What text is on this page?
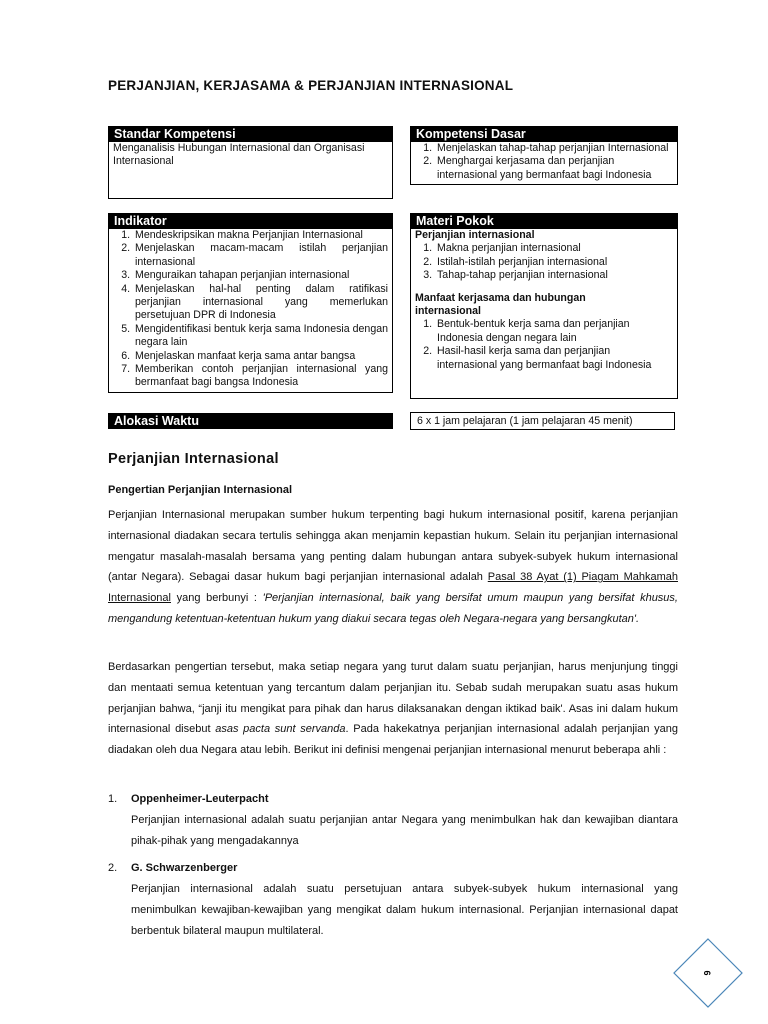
PERJANJIAN, KERJASAMA & PERJANJIAN INTERNASIONAL
Standar Kompetensi
Menganalisis Hubungan Internasional dan Organisasi Internasional
Kompetensi Dasar
1. Menjelaskan tahap-tahap perjanjian Internasional
2. Menghargai kerjasama dan perjanjian internasional yang bermanfaat bagi Indonesia
Indikator
1. Mendeskripsikan makna Perjanjian Internasional
2. Menjelaskan macam-macam istilah perjanjian internasional
3. Menguraikan tahapan perjanjian internasional
4. Menjelaskan hal-hal penting dalam ratifikasi perjanjian internasional yang memerlukan persetujuan DPR di Indonesia
5. Mengidentifikasi bentuk kerja sama Indonesia dengan negara lain
6. Menjelaskan manfaat kerja sama antar bangsa
7. Memberikan contoh perjanjian internasional yang bermanfaat bagi bangsa Indonesia
Materi Pokok
Perjanjian internasional
1. Makna perjanjian internasional
2. Istilah-istilah perjanjian internasional
3. Tahap-tahap perjanjian internasional
Manfaat kerjasama dan hubungan internasional
1. Bentuk-bentuk kerja sama dan perjanjian Indonesia dengan negara lain
2. Hasil-hasil kerja sama dan perjanjian internasional yang bermanfaat bagi Indonesia
Alokasi Waktu	6 x 1 jam pelajaran (1 jam pelajaran 45 menit)
Perjanjian Internasional
Pengertian Perjanjian Internasional
Perjanjian Internasional merupakan sumber hukum terpenting bagi hukum internasional positif, karena perjanjian internasional diadakan secara tertulis sehingga akan menjamin kepastian hukum. Selain itu perjanjian internasional mengatur masalah-masalah bersama yang penting dalam hubungan antara subyek-subyek hukum internasional (antar Negara). Sebagai dasar hukum bagi perjanjian internasional adalah Pasal 38 Ayat (1) Piagam Mahkamah Internasional yang berbunyi : 'Perjanjian internasional, baik yang bersifat umum maupun yang bersifat khusus, mengandung ketentuan-ketentuan hukum yang diakui secara tegas oleh Negara-negara yang bersangkutan'.
Berdasarkan pengertian tersebut, maka setiap negara yang turut dalam suatu perjanjian, harus menjunjung tinggi dan mentaati semua ketentuan yang tercantum dalam perjanjian itu. Sebab sudah merupakan suatu asas hukum perjanjian bahwa, “janji itu mengikat para pihak dan harus dilaksanakan dengan iktikad baik'. Asas ini dalam hukum internasional disebut asas pacta sunt servanda. Pada hakekatnya perjanjian internasional adalah perjanjian yang diadakan oleh dua Negara atau lebih. Berikut ini definisi mengenai perjanjian internasional menurut beberapa ahli :
1. Oppenheimer-Leuterpacht
Perjanjian internasional adalah suatu perjanjian antar Negara yang menimbulkan hak dan kewajiban diantara pihak-pihak yang mengadakannya
2. G. Schwarzenberger
Perjanjian internasional adalah suatu persetujuan antara subyek-subyek hukum internasional yang menimbulkan kewajiban-kewajiban yang mengikat dalam hukum internasional. Perjanjian internasional dapat berbentuk bilateral maupun multilateral.
6
